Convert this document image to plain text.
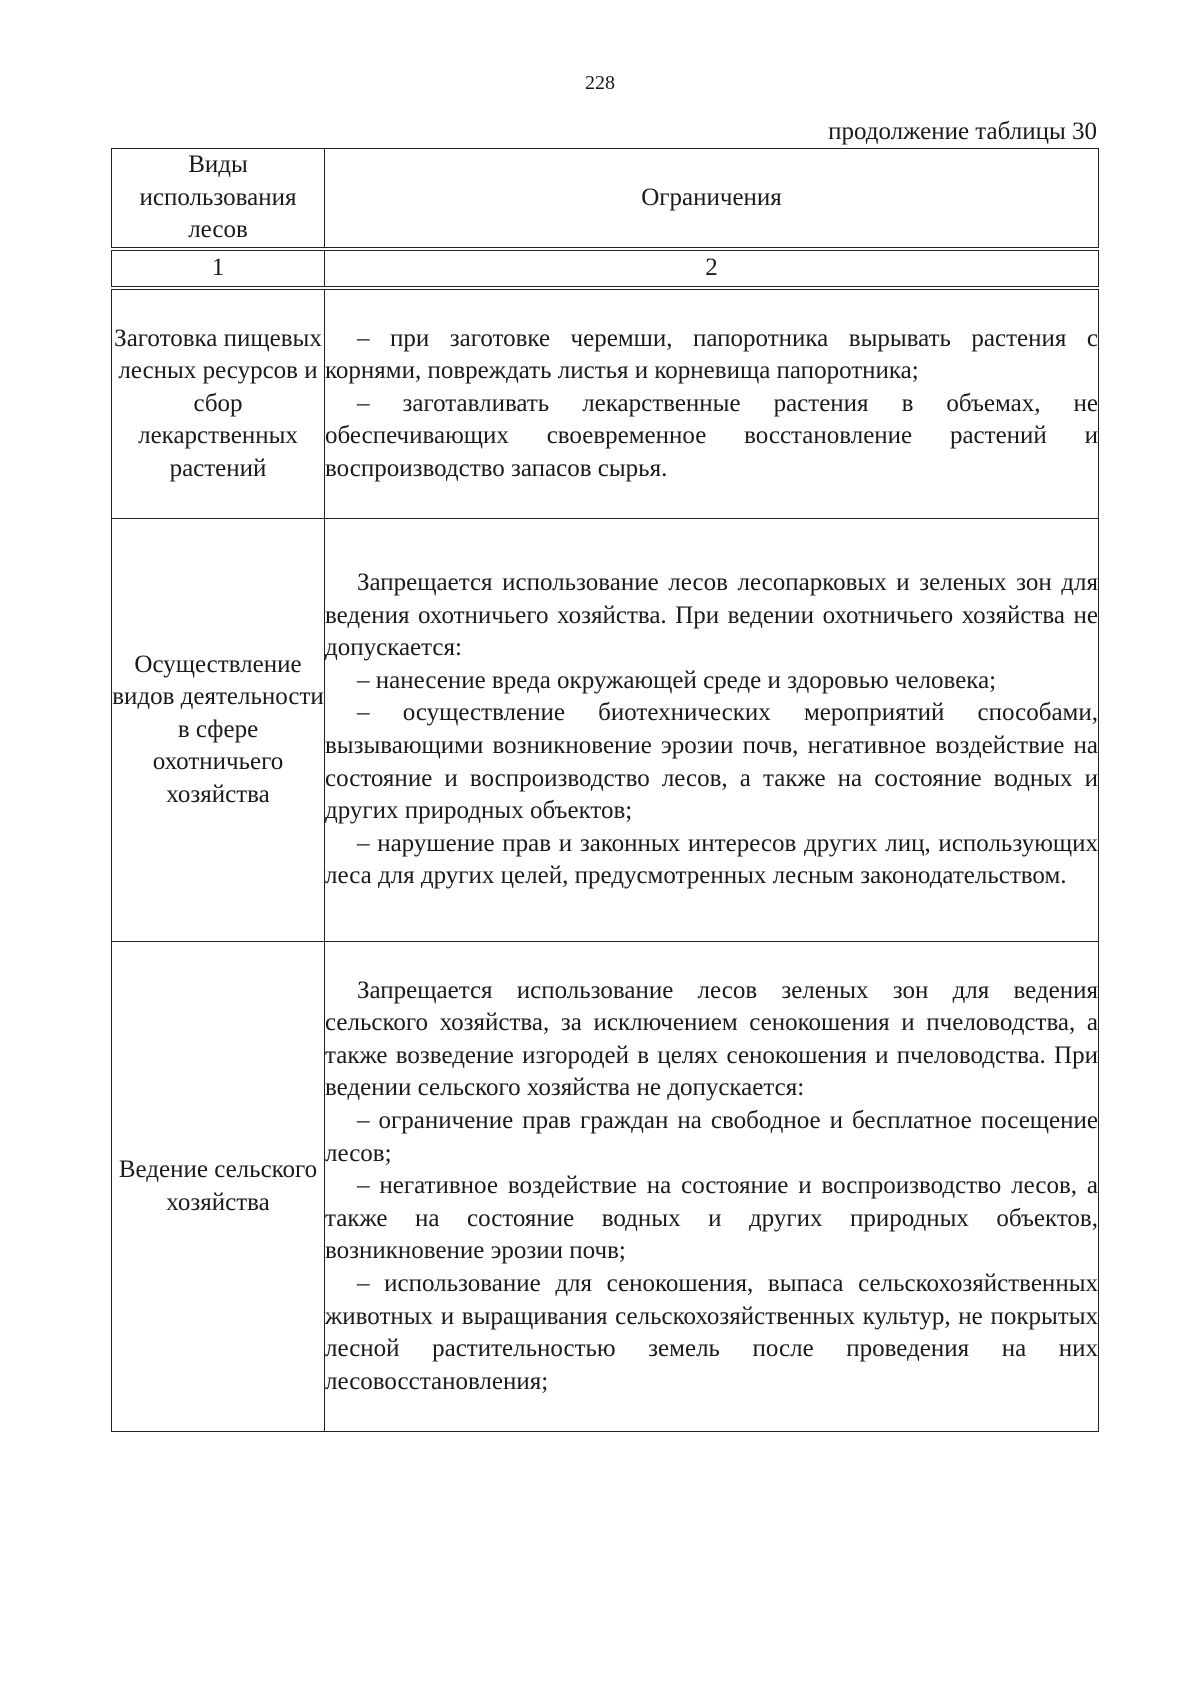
228
продолжение таблицы 30
Виды использования лесов	Ограничения
1	2
Заготовка пищевых лесных ресурсов и сбор лекарственных растений	– при заготовке черемши, папоротника вырывать растения с корнями, повреждать листья и корневища папоротника;
– заготавливать лекарственные растения в объемах, не обеспечивающих своевременное восстановление растений и воспроизводство запасов сырья.

Осуществление видов деятельности в сфере охотничьего хозяйства	Запрещается использование лесов лесопарковых и зеленых зон для ведения охотничьего хозяйства. При ведении охотничьего хозяйства не допускается:
– нанесение вреда окружающей среде и здоровью человека;
– осуществление биотехнических мероприятий способами, вызывающими возникновение эрозии почв, негативное воздействие на состояние и воспроизводство лесов, а также на состояние водных и других природных объектов;
– нарушение прав и законных интересов других лиц, использующих леса для других целей, предусмотренных лесным законодательством.

Ведение сельского хозяйства	Запрещается использование лесов зеленых зон для ведения сельского хозяйства, за исключением сенокошения и пчеловодства, а также возведение изгородей в целях сенокошения и пчеловодства. При ведении сельского хозяйства не допускается:
– ограничение прав граждан на свободное и бесплатное посещение лесов;
– негативное воздействие на состояние и воспроизводство лесов, а также на состояние водных и других природных объектов, возникновение эрозии почв;
– использование для сенокошения, выпаса сельскохозяйственных животных и выращивания сельскохозяйственных культур, не покрытых лесной растительностью земель после проведения на них лесовосстановления;
